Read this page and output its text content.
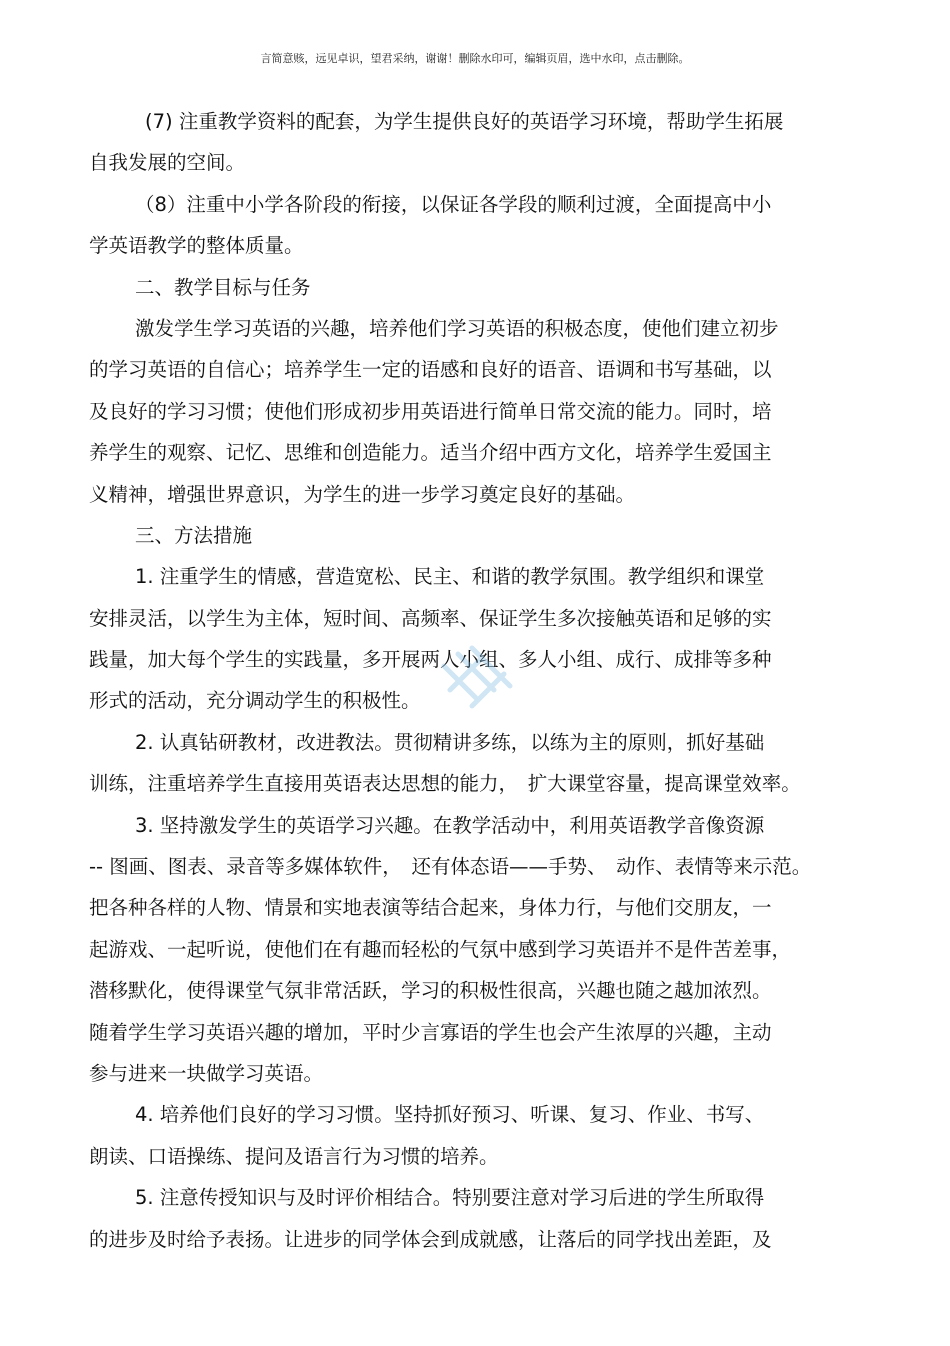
言简意赅，远见卓识，望君采纳，谢谢！删除水印可，编辑页眉，选中水印，点击删除。
(7) 注重教学资料的配套，为学生提供良好的英语学习环境，帮助学生拓展
自我发展的空间。
（8）注重中小学各阶段的衔接，以保证各学段的顺利过渡，全面提高中小
学英语教学的整体质量。
二、教学目标与任务
激发学生学习英语的兴趣，培养他们学习英语的积极态度，使他们建立初步
的学习英语的自信心；培养学生一定的语感和良好的语音、语调和书写基础，以
及良好的学习习惯；使他们形成初步用英语进行简单日常交流的能力。同时，培
养学生的观察、记忆、思维和创造能力。适当介绍中西方文化，培养学生爱国主
义精神，增强世界意识，为学生的进一步学习奠定良好的基础。
三、方法措施
1. 注重学生的情感，营造宽松、民主、和谐的教学氛围。教学组织和课堂
安排灵活，以学生为主体，短时间、高频率、保证学生多次接触英语和足够的实
践量，加大每个学生的实践量，多开展两人小组、多人小组、成行、成排等多种
形式的活动，充分调动学生的积极性。
2. 认真钻研教材，改进教法。贯彻精讲多练，以练为主的原则，抓好基础
训练，注重培养学生直接用英语表达思想的能力，　扩大课堂容量，提高课堂效率。
3. 坚持激发学生的英语学习兴趣。在教学活动中，利用英语教学音像资源
-- 图画、图表、录音等多媒体软件，　还有体态语——手势、　动作、表情等来示范。
把各种各样的人物、情景和实地表演等结合起来，身体力行，与他们交朋友，一
起游戏、一起听说，使他们在有趣而轻松的气氛中感到学习英语并不是件苦差事，
潜移默化，使得课堂气氛非常活跃，学习的积极性很高，兴趣也随之越加浓烈。
随着学生学习英语兴趣的增加，平时少言寡语的学生也会产生浓厚的兴趣，主动
参与进来一块做学习英语。
4. 培养他们良好的学习习惯。坚持抓好预习、听课、复习、作业、书写、
朗读、口语操练、提问及语言行为习惯的培养。
5. 注意传授知识与及时评价相结合。特别要注意对学习后进的学生所取得
的进步及时给予表扬。让进步的同学体会到成就感，让落后的同学找出差距，及
